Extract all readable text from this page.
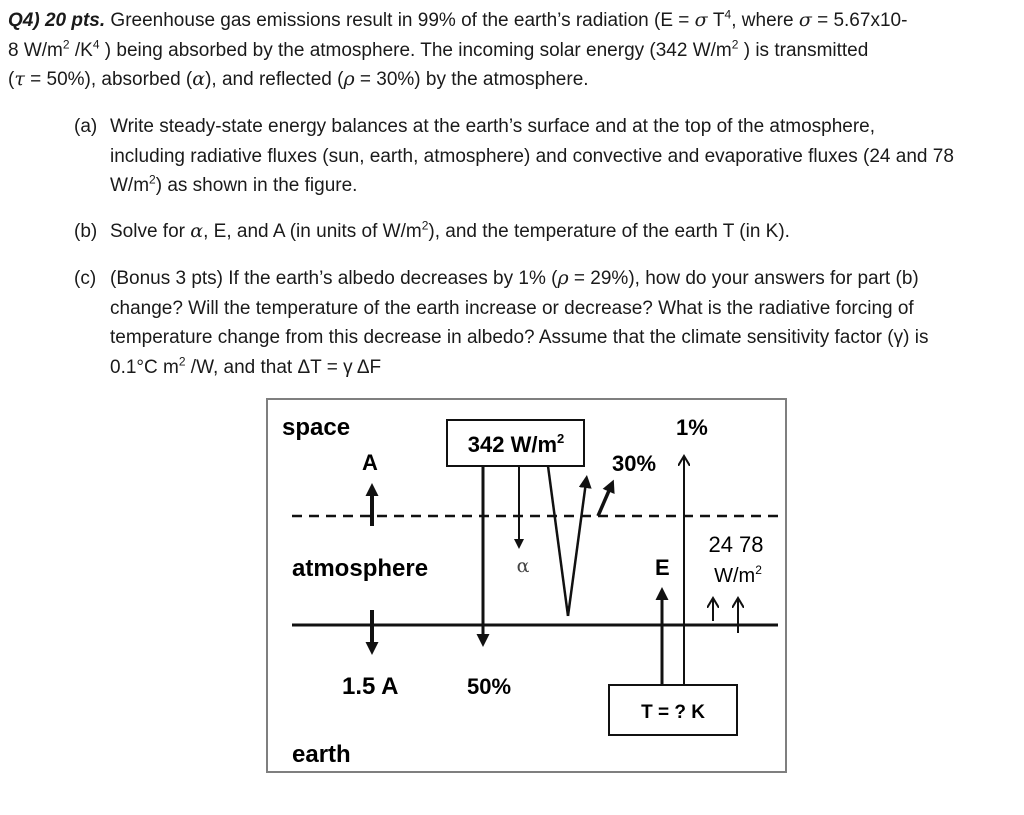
Q4) 20 pts. Greenhouse gas emissions result in 99% of the earth’s radiation (E = σ $T^4$, where σ = 5.67x10-
8 $W/m^2$ $/K^4$ ) being absorbed by the atmosphere. The incoming solar energy (342 $W/m^2$ ) is transmitted
(τ = 50%), absorbed (α), and reflected (ρ = 30%) by the atmosphere.
(a) Write steady-state energy balances at the earth’s surface and at the top of the atmosphere, including radiative fluxes (sun, earth, atmosphere) and convective and evaporative fluxes (24 and 78 $W/m^2$) as shown in the figure.
(b) Solve for α, E, and A (in units of $W/m^2$), and the temperature of the earth T (in K).
(c) (Bonus 3 pts) If the earth’s albedo decreases by 1% (ρ = 29%), how do your answers for part (b) change? Will the temperature of the earth increase or decrease? What is the radiative forcing of temperature change from this decrease in albedo? Assume that the climate sensitivity factor (γ) is 0.1°C $m^2$ /W, and that ΔT = γ ΔF
342 $W/m^2$
T = ? K
space
A
atmosphere	α
1%
30%
E
24 78
$W/m^2$
1.5 A	50%
earth
